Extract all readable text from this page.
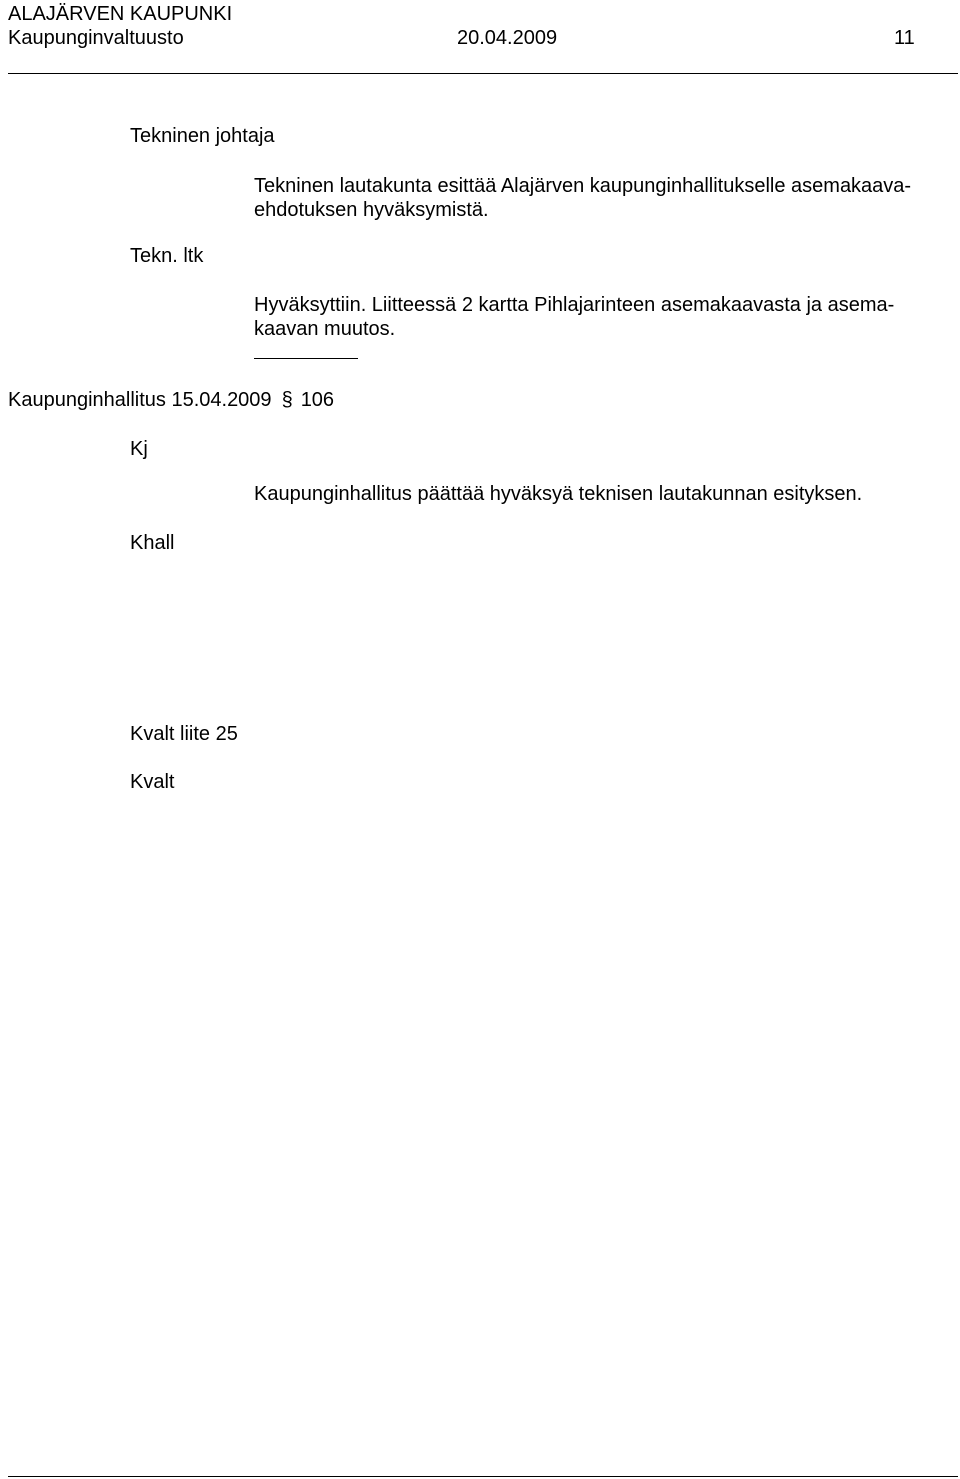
ALAJÄRVEN KAUPUNKI
Kaupunginvaltuusto	20.04.2009	11
Tekninen johtaja
Tekninen lautakunta esittää Alajärven kaupunginhallitukselle asemakaava-
ehdotuksen hyväksymistä.
Tekn. ltk
Hyväksyttiin. Liitteessä 2 kartta Pihlajarinteen asemakaavasta ja asema-
kaavan muutos.
Kaupunginhallitus 15.04.2009 § 106
Kj
Kaupunginhallitus päättää hyväksyä teknisen lautakunnan esityksen.
Khall
Kvalt liite 25
Kvalt
